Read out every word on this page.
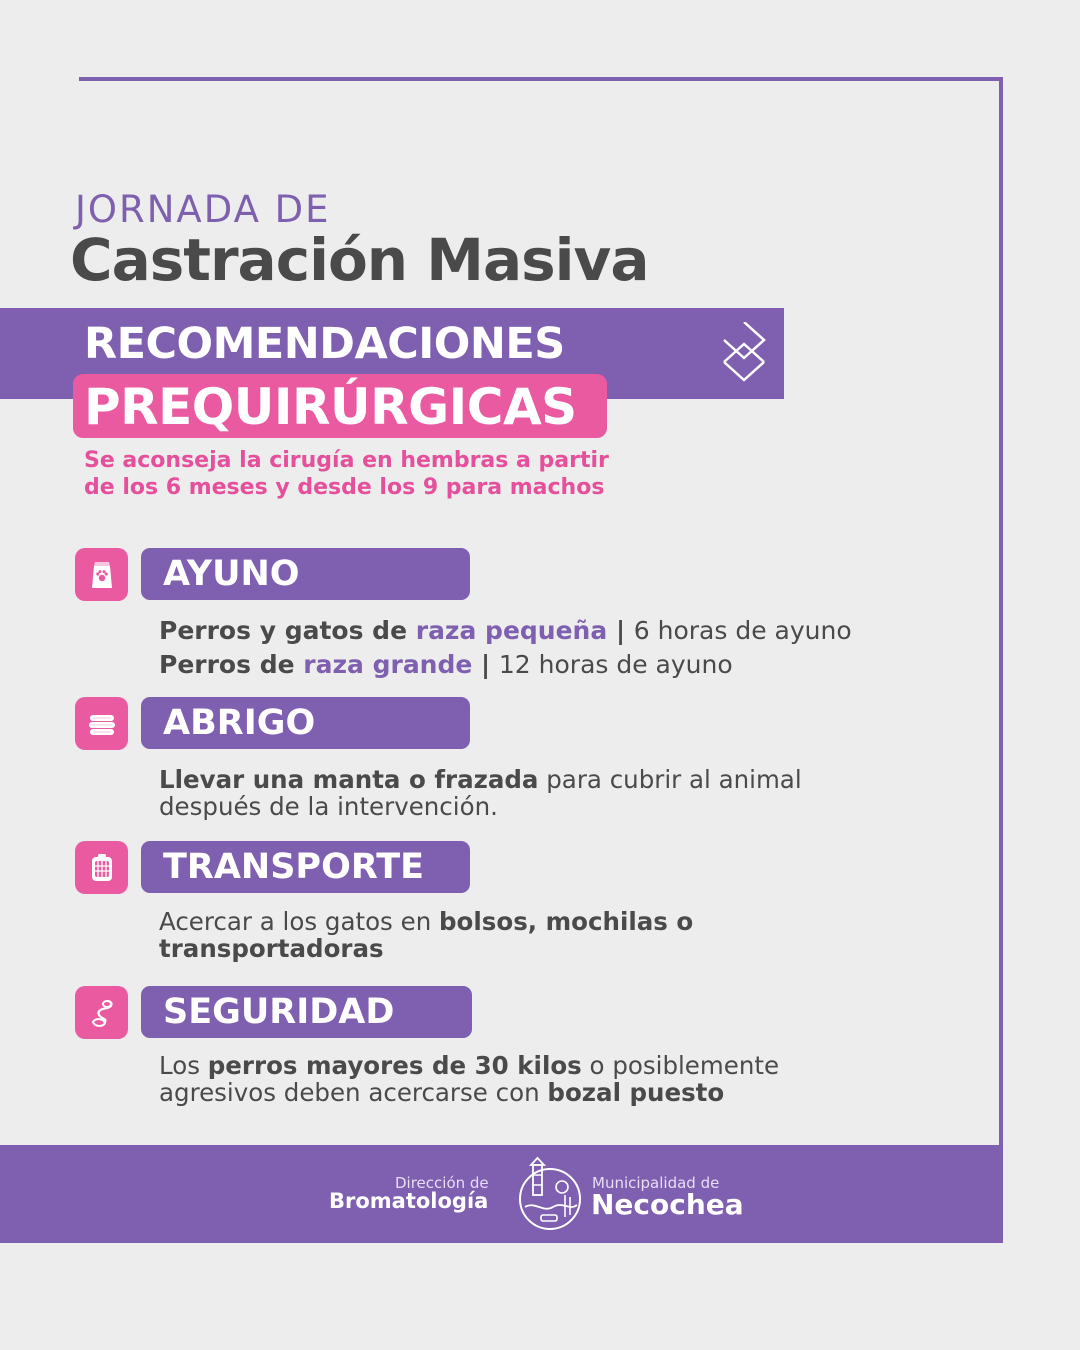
JORNADA DE
Castración Masiva
RECOMENDACIONES
PREQUIRÚRGICAS
Se aconseja la cirugía en hembras a partir
de los 6 meses y desde los 9 para machos
AYUNO
Perros y gatos de raza pequeña | 6 horas de ayuno
Perros de raza grande | 12 horas de ayuno
ABRIGO
Llevar una manta o frazada para cubrir al animal
después de la intervención.
TRANSPORTE
Acercar a los gatos en bolsos, mochilas o
transportadoras
SEGURIDAD
Los perros mayores de 30 kilos o posiblemente
agresivos deben acercarse con bozal puesto
Dirección de
Bromatología
Municipalidad de
Necochea
